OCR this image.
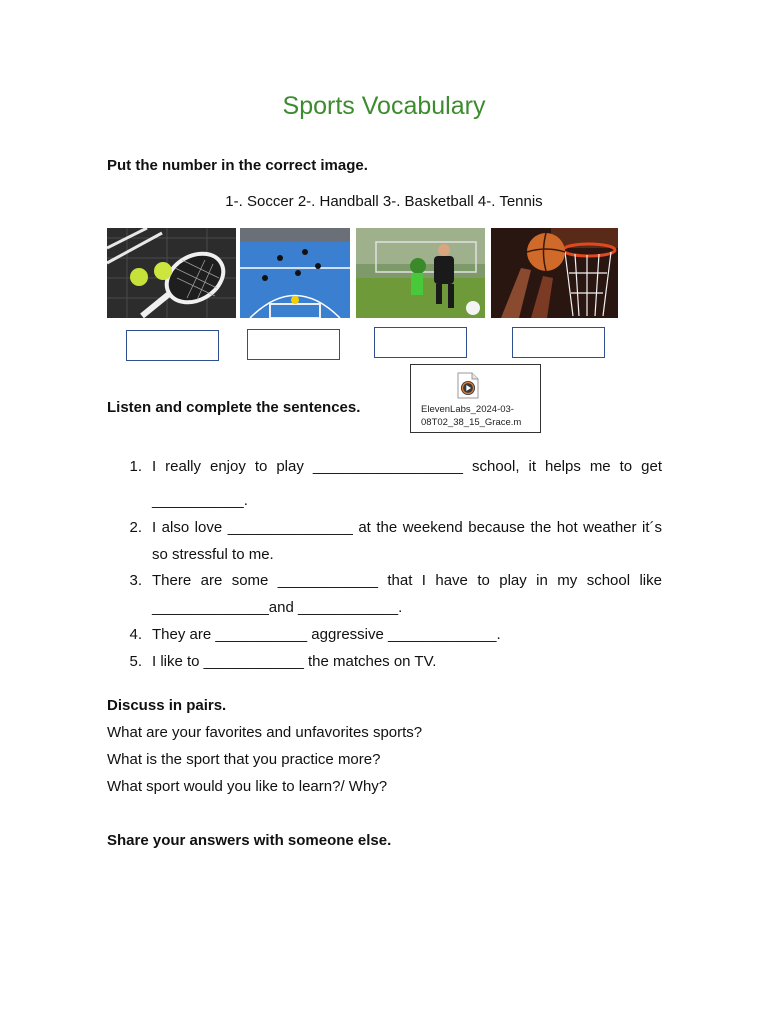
Sports Vocabulary
Put the number in the correct image.
1-. Soccer 2-. Handball 3-. Basketball 4-. Tennis
Listen and complete the sentences.	ElevenLabs_2024-03-
08T02_38_15_Grace.m
1. I really enjoy to play __________________ school, it helps me to get
___________.
2. I also love _______________ at the weekend because the hot weather it´s
so stressful to me.
3. There are some ____________ that I have to play in my school like
______________and ____________.
4. They are ___________ aggressive _____________.
5. I like to ____________ the matches on TV.
Discuss in pairs.
What are your favorites and unfavorites sports?
What is the sport that you practice more?
What sport would you like to learn?/ Why?
Share your answers with someone else.
